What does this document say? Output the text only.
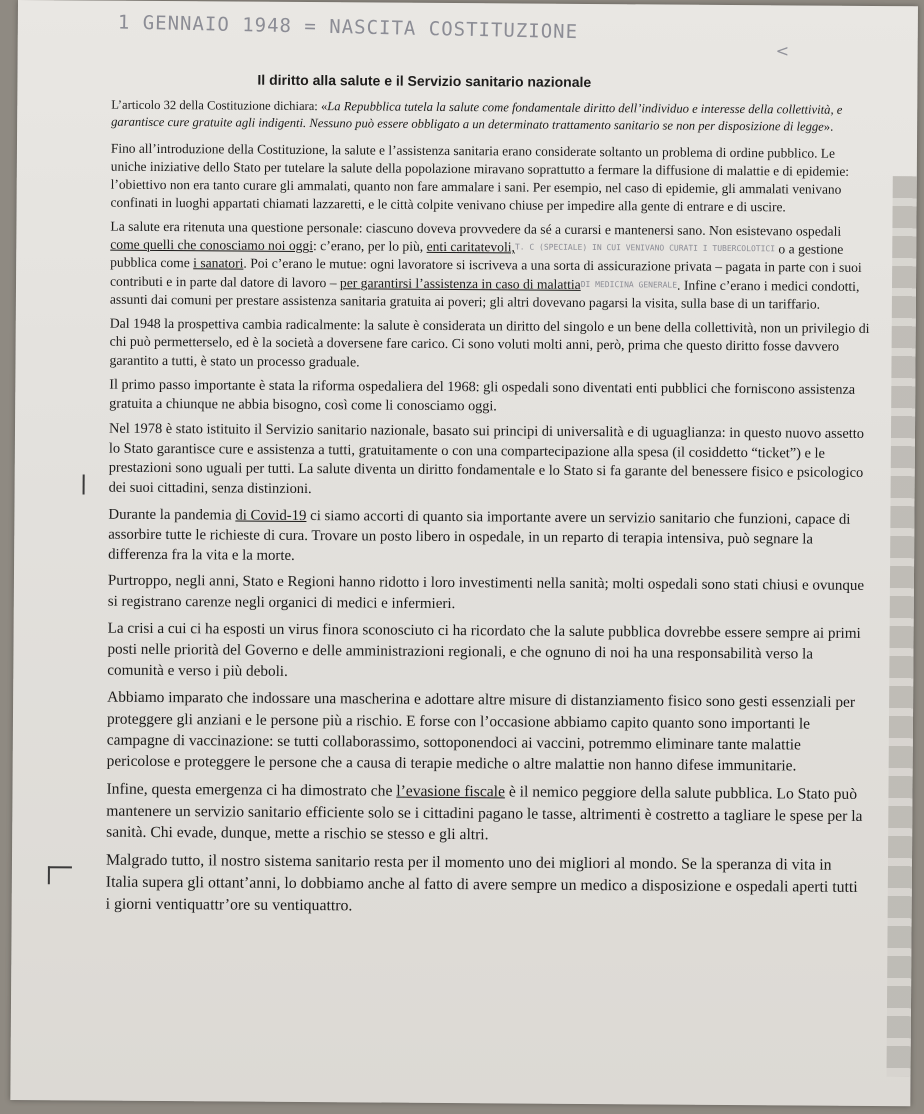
1 GENNAIO 1948 = NASCITA COSTITUZIONE
<
Il diritto alla salute e il Servizio sanitario nazionale

L’articolo 32 della Costituzione dichiara: «La Repubblica tutela la salute come fondamentale diritto dell’individuo e interesse della collettività, e garantisce cure gratuite agli indigenti. Nessuno può essere obbligato a un determinato trattamento sanitario se non per disposizione di legge».

Fino all’introduzione della Costituzione, la salute e l’assistenza sanitaria erano considerate soltanto un problema di ordine pubblico. Le uniche iniziative dello Stato per tutelare la salute della popolazione miravano soprattutto a fermare la diffusione di malattie e di epidemie: l’obiettivo non era tanto curare gli ammalati, quanto non fare ammalare i sani. Per esempio, nel caso di epidemie, gli ammalati venivano confinati in luoghi appartati chiamati lazzaretti, e le città colpite venivano chiuse per impedire alla gente di entrare e di uscire.

La salute era ritenuta una questione personale: ciascuno doveva provvedere da sé a curarsi e mantenersi sano. Non esistevano ospedali come quelli che conosciamo noi oggi: c’erano, per lo più, enti caritatevoli,$^{T. C (SPECIALE) IN CUI VENIVANO CURATI I TUBERCOLOTICI}$ o a gestione pubblica come i sanatori. Poi c’erano le mutue: ogni lavoratore si iscriveva a una sorta di assicurazione privata – pagata in parte con i suoi contributi e in parte dal datore di lavoro – per garantirsi l’assistenza in caso di malattia$^{DI MEDICINA GENERALE}$. Infine c’erano i medici condotti, assunti dai comuni per prestare assistenza sanitaria gratuita ai poveri; gli altri dovevano pagarsi la visita, sulla base di un tariffario.

Dal 1948 la prospettiva cambia radicalmente: la salute è considerata un diritto del singolo e un bene della collettività, non un privilegio di chi può permetterselo, ed è la società a doversene fare carico. Ci sono voluti molti anni, però, prima che questo diritto fosse davvero garantito a tutti, è stato un processo graduale.

Il primo passo importante è stata la riforma ospedaliera del 1968: gli ospedali sono diventati enti pubblici che forniscono assistenza gratuita a chiunque ne abbia bisogno, così come li conosciamo oggi.

Nel 1978 è stato istituito il Servizio sanitario nazionale, basato sui principi di universalità e di uguaglianza: in questo nuovo assetto lo Stato garantisce cure e assistenza a tutti, gratuitamente o con una compartecipazione alla spesa (il cosiddetto “ticket”) e le prestazioni sono uguali per tutti. La salute diventa un diritto fondamentale e lo Stato si fa garante del benessere fisico e psicologico dei suoi cittadini, senza distinzioni.

Durante la pandemia di Covid-19 ci siamo accorti di quanto sia importante avere un servizio sanitario che funzioni, capace di assorbire tutte le richieste di cura. Trovare un posto libero in ospedale, in un reparto di terapia intensiva, può segnare la differenza fra la vita e la morte.

Purtroppo, negli anni, Stato e Regioni hanno ridotto i loro investimenti nella sanità; molti ospedali sono stati chiusi e ovunque si registrano carenze negli organici di medici e infermieri.

La crisi a cui ci ha esposti un virus finora sconosciuto ci ha ricordato che la salute pubblica dovrebbe essere sempre ai primi posti nelle priorità del Governo e delle amministrazioni regionali, e che ognuno di noi ha una responsabilità verso la comunità e verso i più deboli.

Abbiamo imparato che indossare una mascherina e adottare altre misure di distanziamento fisico sono gesti essenziali per proteggere gli anziani e le persone più a rischio. E forse con l’occasione abbiamo capito quanto sono importanti le campagne di vaccinazione: se tutti collaborassimo, sottoponendoci ai vaccini, potremmo eliminare tante malattie pericolose e proteggere le persone che a causa di terapie mediche o altre malattie non hanno difese immunitarie.

Infine, questa emergenza ci ha dimostrato che l’evasione fiscale è il nemico peggiore della salute pubblica. Lo Stato può mantenere un servizio sanitario efficiente solo se i cittadini pagano le tasse, altrimenti è costretto a tagliare le spese per la sanità. Chi evade, dunque, mette a rischio se stesso e gli altri.

Malgrado tutto, il nostro sistema sanitario resta per il momento uno dei migliori al mondo. Se la speranza di vita in Italia supera gli ottant’anni, lo dobbiamo anche al fatto di avere sempre un medico a disposizione e ospedali aperti tutti i giorni ventiquattr’ore su ventiquattro.
